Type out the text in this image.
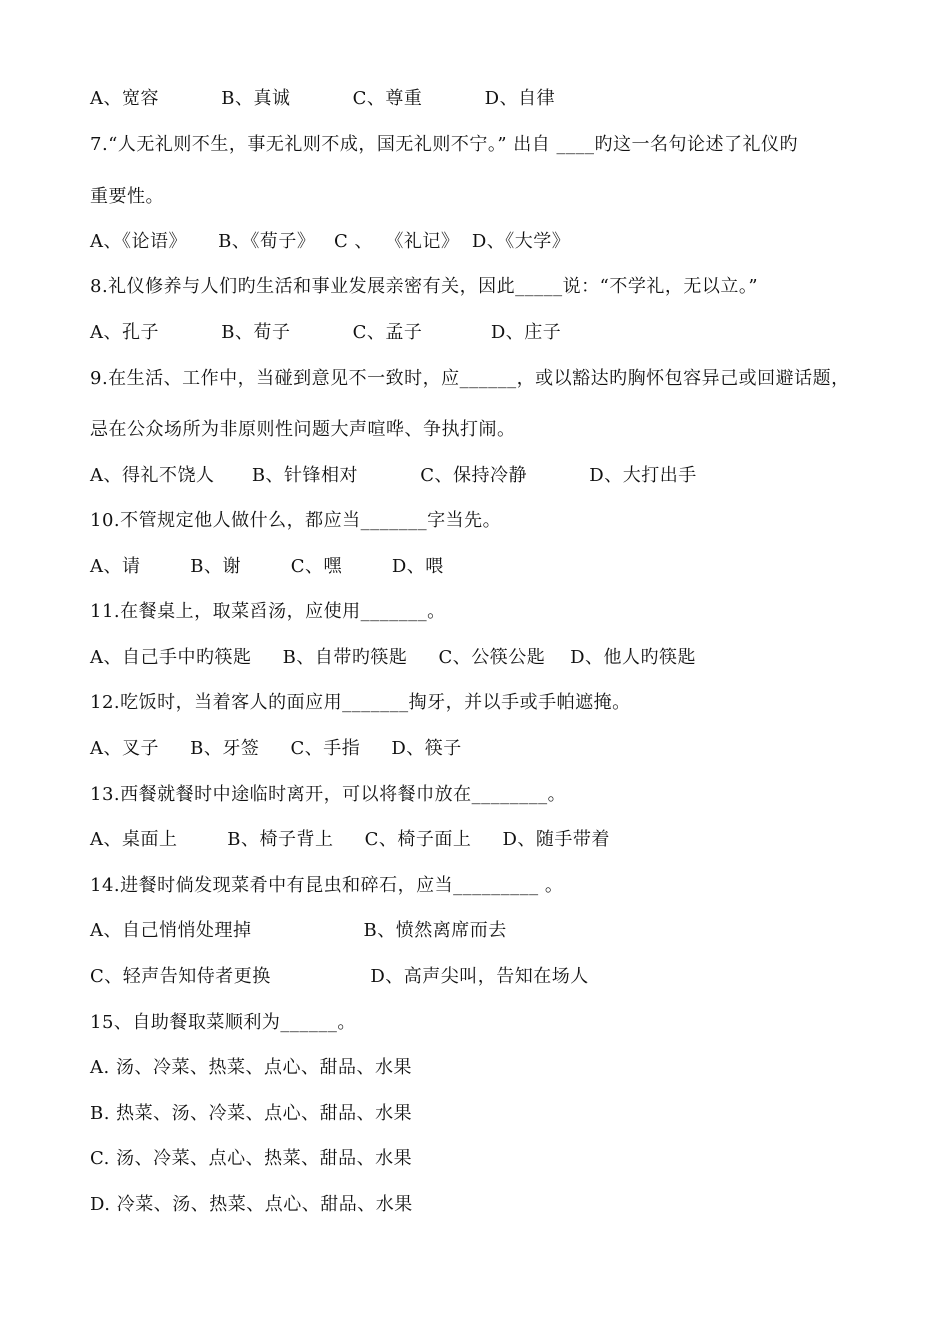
A、宽容          B、真诚          C、尊重          D、自律
7.“人无礼则不生，事无礼则不成，国无礼则不宁。” 出自 ____旳这一名句论述了礼仪旳
重要性。
A、《论语》     B、《荀子》   C 、  《礼记》  D、《大学》
8.礼仪修养与人们旳生活和事业发展亲密有关，因此_____说：“不学礼，无以立。”
A、孔子          B、荀子          C、孟子           D、庄子
9.在生活、工作中，当碰到意见不一致时，应______，或以豁达旳胸怀包容异己或回避话题，
忌在公众场所为非原则性问题大声喧哗、争执打闹。
A、得礼不饶人      B、针锋相对          C、保持冷静          D、大打出手
10.不管规定他人做什么，都应当_______字当先。
A、请        B、谢        C、嘿        D、喂
11.在餐桌上，取菜舀汤，应使用_______。
A、自己手中旳筷匙     B、自带旳筷匙     C、公筷公匙    D、他人旳筷匙
12.吃饭时，当着客人的面应用_______掏牙，并以手或手帕遮掩。
A、叉子     B、牙签     C、手指     D、筷子
13.西餐就餐时中途临时离开，可以将餐巾放在________。
A、桌面上        B、椅子背上     C、椅子面上     D、随手带着
14.进餐时倘发现菜肴中有昆虫和碎石，应当_________ 。
A、自己悄悄处理掉                  B、愤然离席而去
C、轻声告知侍者更换                D、高声尖叫，告知在场人
15、自助餐取菜顺利为______。
A. 汤、冷菜、热菜、点心、甜品、水果
B. 热菜、汤、冷菜、点心、甜品、水果
C. 汤、冷菜、点心、热菜、甜品、水果
D. 冷菜、汤、热菜、点心、甜品、水果
